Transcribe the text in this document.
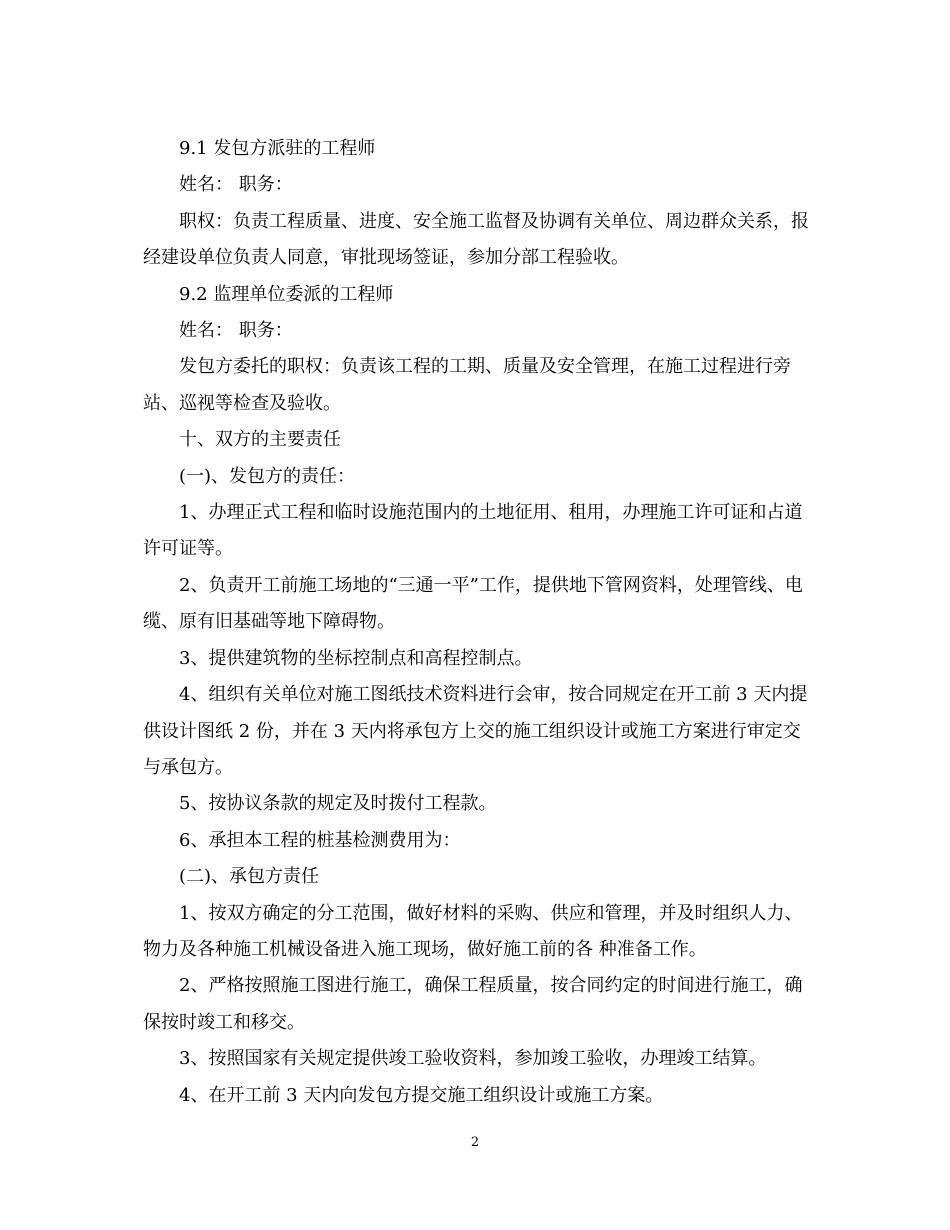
9.1 发包方派驻的工程师

姓名： 职务：

职权：负责工程质量、进度、安全施工监督及协调有关单位、周边群众关系，报经建设单位负责人同意，审批现场签证，参加分部工程验收。

9.2 监理单位委派的工程师

姓名： 职务：

发包方委托的职权：负责该工程的工期、质量及安全管理，在施工过程进行旁站、巡视等检查及验收。

十、双方的主要责任

(一)、发包方的责任：

1、办理正式工程和临时设施范围内的土地征用、租用，办理施工许可证和占道许可证等。

2、负责开工前施工场地的“三通一平”工作，提供地下管网资料，处理管线、电缆、原有旧基础等地下障碍物。

3、提供建筑物的坐标控制点和高程控制点。

4、组织有关单位对施工图纸技术资料进行会审，按合同规定在开工前 3 天内提供设计图纸 2 份，并在 3 天内将承包方上交的施工组织设计或施工方案进行审定交与承包方。

5、按协议条款的规定及时拨付工程款。

6、承担本工程的桩基检测费用为：

(二)、承包方责任

1、按双方确定的分工范围，做好材料的采购、供应和管理，并及时组织人力、物力及各种施工机械设备进入施工现场，做好施工前的各 种准备工作。

2、严格按照施工图进行施工，确保工程质量，按合同约定的时间进行施工，确保按时竣工和移交。

3、按照国家有关规定提供竣工验收资料，参加竣工验收，办理竣工结算。

4、在开工前 3 天内向发包方提交施工组织设计或施工方案。

2
